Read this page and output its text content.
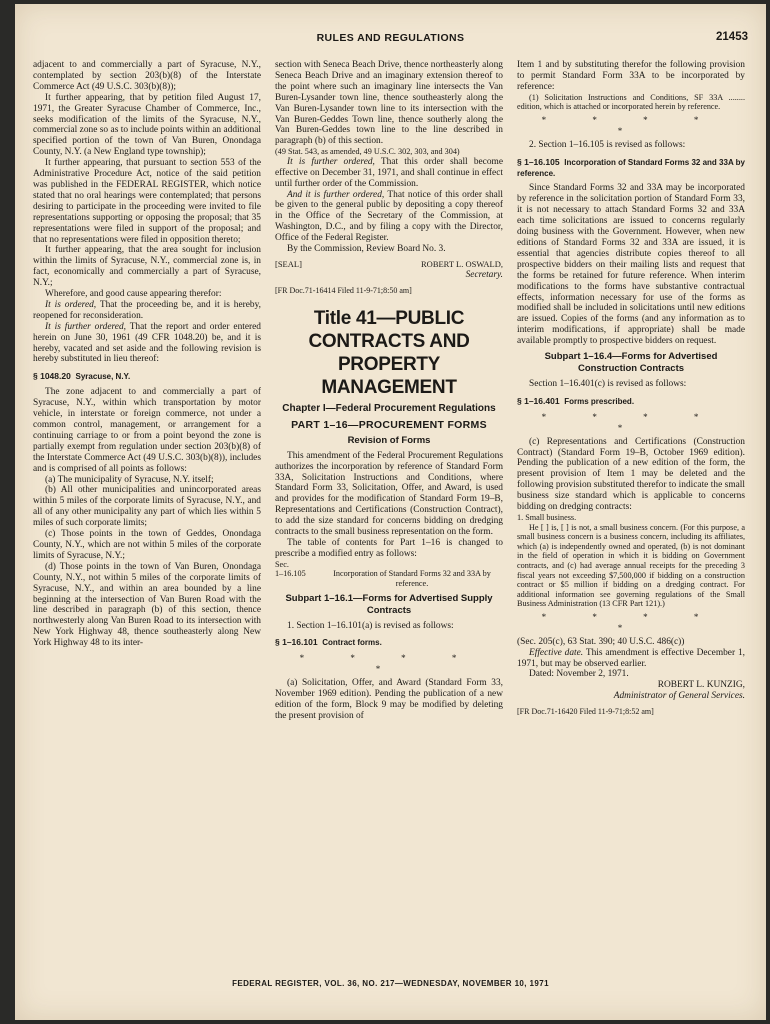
RULES AND REGULATIONS	21453

adjacent to and commercially a part of Syracuse, N.Y., contemplated by section 203(b)(8) of the Interstate Commerce Act (49 U.S.C. 303(b)(8));

It further appearing, that by petition filed August 17, 1971, the Greater Syracuse Chamber of Commerce, Inc., seeks modification of the limits of the Syracuse, N.Y., commercial zone so as to include points within an additional specified portion of the town of Van Buren, Onondaga County, N.Y. (a New England type township);

It further appearing, that pursuant to section 553 of the Administrative Procedure Act, notice of the said petition was published in the FEDERAL REGISTER, which notice stated that no oral hearings were contemplated; that persons desiring to participate in the proceeding were invited to file representations supporting or opposing the proposal; that 35 representations were filed in support of the proposal; and that no representations were filed in opposition thereto;

It further appearing, that the area sought for inclusion within the limits of Syracuse, N.Y., commercial zone is, in fact, economically and commercially a part of Syracuse, N.Y.;

Wherefore, and good cause appearing therefor:

It is ordered, That the proceeding be, and it is hereby, reopened for reconsideration.

It is further ordered, That the report and order entered herein on June 30, 1961 (49 CFR 1048.20) be, and it is hereby, vacated and set aside and the following revision is hereby substituted in lieu thereof:

§ 1048.20 Syracuse, N.Y.

The zone adjacent to and commercially a part of Syracuse, N.Y., within which transportation by motor vehicle, in interstate or foreign commerce, not under a common control, management, or arrangement for a continuing carriage to or from a point beyond the zone is partially exempt from regulation under section 203(b)(8) of the Interstate Commerce Act (49 U.S.C. 303(b)(8)), includes and is comprised of all points as follows:

(a) The municipality of Syracuse, N.Y. itself;

(b) All other municipalities and unincorporated areas within 5 miles of the corporate limits of Syracuse, N.Y., and all of any other municipality any part of which lies within 5 miles of such corporate limits;

(c) Those points in the town of Geddes, Onondaga County, N.Y., which are not within 5 miles of the corporate limits of Syracuse, N.Y.;

(d) Those points in the town of Van Buren, Onondaga County, N.Y., not within 5 miles of the corporate limits of Syracuse, N.Y., and within an area bounded by a line beginning at the intersection of Van Buren Road with the line described in paragraph (b) of this section, thence northwesterly along Van Buren Road to its intersection with New York Highway 48, thence southeasterly along New York Highway 48 to its inter-

section with Seneca Beach Drive, thence northeasterly along Seneca Beach Drive and an imaginary extension thereof to the point where such an imaginary line intersects the Van Buren-Lysander town line, thence southeasterly along the Van Buren-Lysander town line to its intersection with the Van Buren-Geddes Town line, thence southerly along the Van Buren-Geddes town line to the line described in paragraph (b) of this section.

(49 Stat. 543, as amended, 49 U.S.C. 302, 303, and 304)

It is further ordered, That this order shall become effective on December 31, 1971, and shall continue in effect until further order of the Commission.

And it is further ordered, That notice of this order shall be given to the general public by depositing a copy thereof in the Office of the Secretary of the Commission, at Washington, D.C., and by filing a copy with the Director, Office of the Federal Register.

By the Commission, Review Board No. 3.

[SEAL]	ROBERT L. OSWALD,

Secretary.

[FR Doc.71-16414 Filed 11-9-71;8:50 am]

Title 41—PUBLIC CONTRACTS AND PROPERTY MANAGEMENT

Chapter I—Federal Procurement Regulations

PART 1–16—PROCUREMENT FORMS

Revision of Forms

This amendment of the Federal Procurement Regulations authorizes the incorporation by reference of Standard Form 33A, Solicitation Instructions and Conditions, where Standard Form 33, Solicitation, Offer, and Award, is used and provides for the modification of Standard Form 19–B, Representations and Certifications (Construction Contract), to add the size standard for concerns bidding on dredging contracts to the small business representation on the form.

The table of contents for Part 1–16 is changed to prescribe a modified entry as follows:

Sec.
1–16.105	Incorporation of Standard Forms 32 and 33A by reference.

Subpart 1–16.1—Forms for Advertised Supply Contracts

1. Section 1–16.101(a) is revised as follows:

§ 1–16.101 Contract forms.

* * * * *

(a) Solicitation, Offer, and Award (Standard Form 33, November 1969 edition). Pending the publication of a new edition of the form, Block 9 may be modified by deleting the present provision of

Item 1 and by substituting therefor the following provision to permit Standard Form 33A to be incorporated by reference:

(1) Solicitation Instructions and Conditions, SF 33A ........ edition, which is attached or incorporated herein by reference.

* * * * *

2. Section 1–16.105 is revised as follows:

§ 1–16.105 Incorporation of Standard Forms 32 and 33A by reference.

Since Standard Forms 32 and 33A may be incorporated by reference in the solicitation portion of Standard Form 33, it is not necessary to attach Standard Forms 32 and 33A each time solicitations are issued to concerns regularly doing business with the Government. However, when new editions of Standard Forms 32 and 33A are issued, it is essential that agencies distribute copies thereof to all prospective bidders on their mailing lists and request that the forms be retained for future reference. When interim modifications to the forms have substantive contractual effects, information necessary for use of the forms as modified shall be included in solicitations until new editions are issued. Copies of the forms (and any information as to interim modifications, if appropriate) shall be made available promptly to prospective bidders on request.

Subpart 1–16.4—Forms for Advertised Construction Contracts

Section 1–16.401(c) is revised as follows:

§ 1–16.401 Forms prescribed.

* * * * *

(c) Representations and Certifications (Construction Contract) (Standard Form 19–B, October 1969 edition). Pending the publication of a new edition of the form, the present provision of Item 1 may be deleted and the following provision substituted therefor to indicate the small business size standard which is applicable to concerns bidding on dredging contracts:

1. Small business.

He [ ] is, [ ] is not, a small business concern. (For this purpose, a small business concern is a business concern, including its affiliates, which (a) is independently owned and operated, (b) is not dominant in the field of operation in which it is bidding on Government contracts, and (c) had average annual receipts for the preceding 3 fiscal years not exceeding $7,500,000 if bidding on a construction contract or $5 million if bidding on a dredging contract. For additional information see governing regulations of the Small Business Administration (13 CFR Part 121).)

* * * * *

(Sec. 205(c), 63 Stat. 390; 40 U.S.C. 486(c))

Effective date. This amendment is effective December 1, 1971, but may be observed earlier.

Dated: November 2, 1971.

ROBERT L. KUNZIG,

Administrator of General Services.

[FR Doc.71-16420 Filed 11-9-71;8:52 am]

FEDERAL REGISTER, VOL. 36, NO. 217—WEDNESDAY, NOVEMBER 10, 1971
